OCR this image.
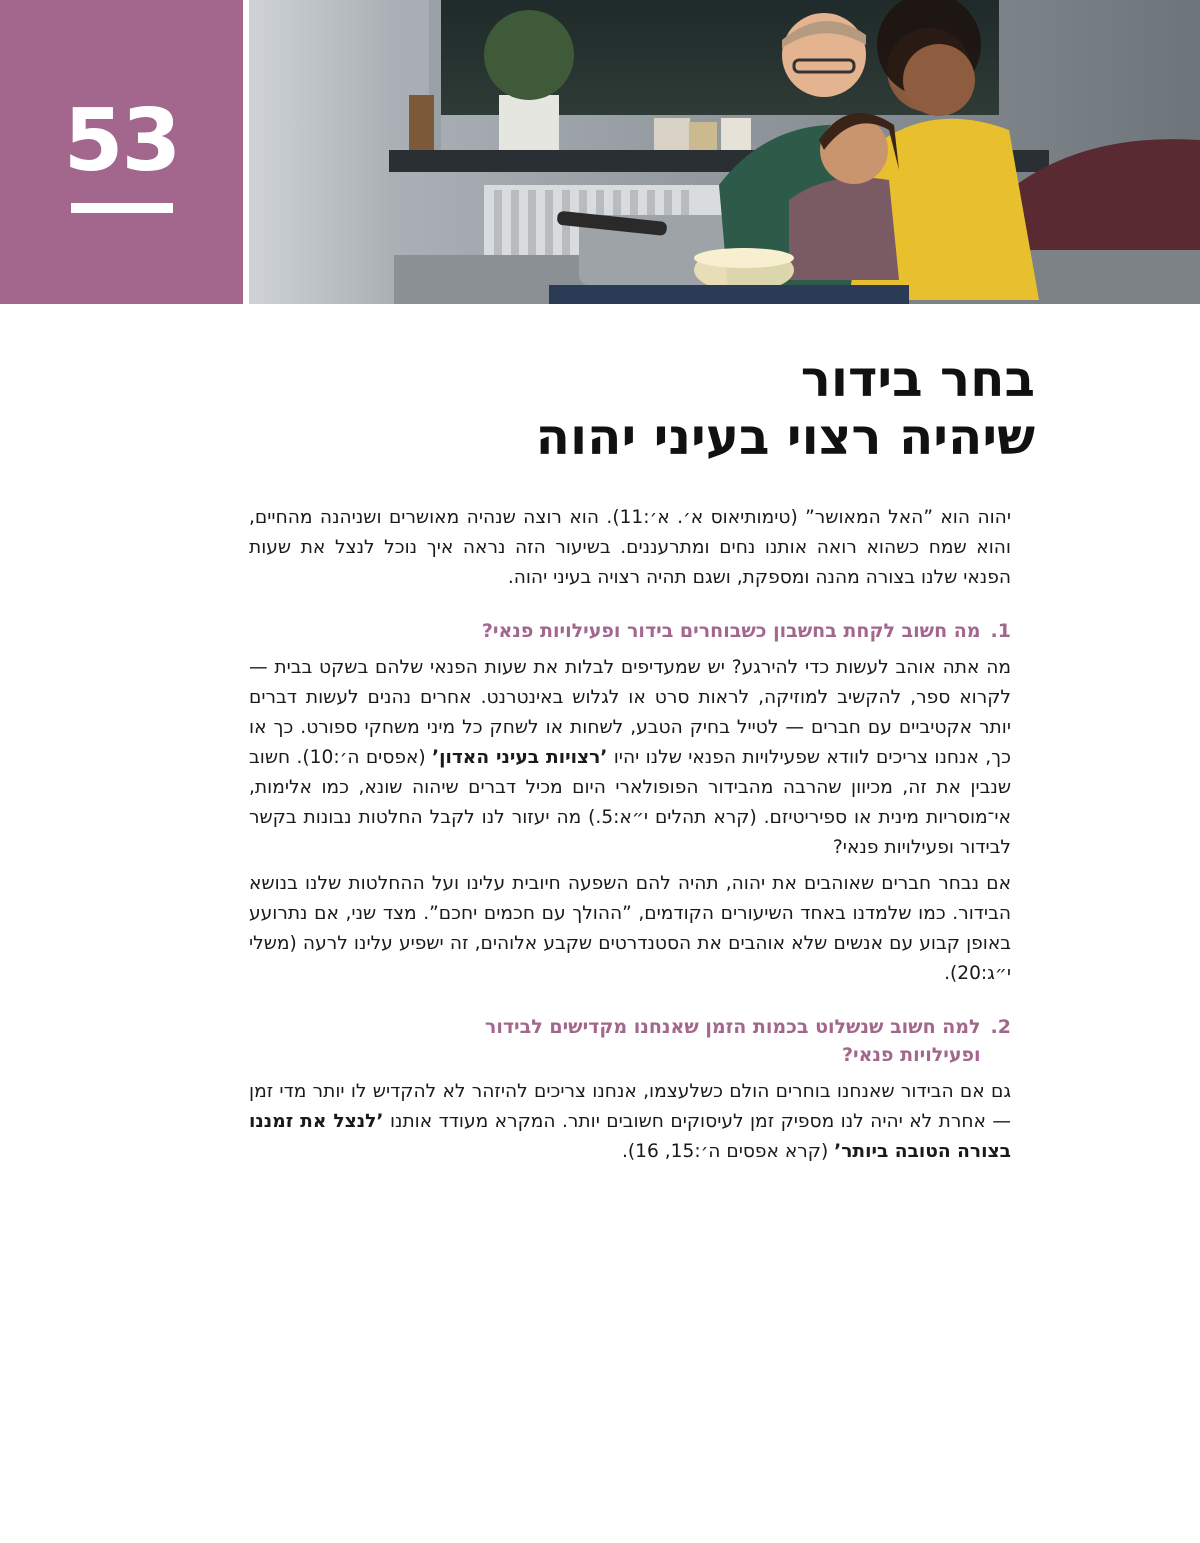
53
בחר בידור
שיהיה רצוי בעיני יהוה

יהוה הוא ”האל המאושר” (טימותיאוס א׳. א׳:11). הוא רוצה שנהיה מאושרים ושניהנה מהחיים, והוא שמח כשהוא רואה אותנו נחים ומתרעננים. בשיעור הזה נראה איך נוכל לנצל את שעות הפנאי שלנו בצורה מהנה ומספקת, ושגם תהיה רצויה בעיני יהוה.

1.
מה חשוב לקחת בחשבון כשבוחרים בידור ופעילויות פנאי?

מה אתה אוהב לעשות כדי להירגע? יש שמעדיפים לבלות את שעות הפנאי שלהם בשקט בבית — לקרוא ספר, להקשיב למוזיקה, לראות סרט או לגלוש באינטרנט. אחרים נהנים לעשות דברים יותר אקטיביים עם חברים — לטייל בחיק הטבע, לשחות או לשחק כל מיני משחקי ספורט. כך או כך, אנחנו צריכים לוודא שפעילויות הפנאי שלנו יהיו ’רצויות בעיני האדון’ (אפסים ה׳:10). חשוב שנבין את זה, מכיוון שהרבה מהבידור הפופולארי היום מכיל דברים שיהוה שונא, כמו אלימות, אי־מוסריות מינית או ספיריטיזם. (קרא תהלים י״א:5.) מה יעזור לנו לקבל החלטות נבונות בקשר לבידור ופעילויות פנאי?

אם נבחר חברים שאוהבים את יהוה, תהיה להם השפעה חיובית עלינו ועל ההחלטות שלנו בנושא הבידור. כמו שלמדנו באחד השיעורים הקודמים, ”ההולך עם חכמים יחכם”. מצד שני, אם נתרועע באופן קבוע עם אנשים שלא אוהבים את הסטנדרטים שקבע אלוהים, זה ישפיע עלינו לרעה (משלי י״ג:20).

2.
למה חשוב שנשלוט בכמות הזמן שאנחנו מקדישים לבידור ופעילויות פנאי?

גם אם הבידור שאנחנו בוחרים הולם כשלעצמו, אנחנו צריכים להיזהר לא להקדיש לו יותר מדי זמן — אחרת לא יהיה לנו מספיק זמן לעיסוקים חשובים יותר. המקרא מעודד אותנו ’לנצל את זמננו בצורה הטובה ביותר’ (קרא אפסים ה׳:15, 16).
